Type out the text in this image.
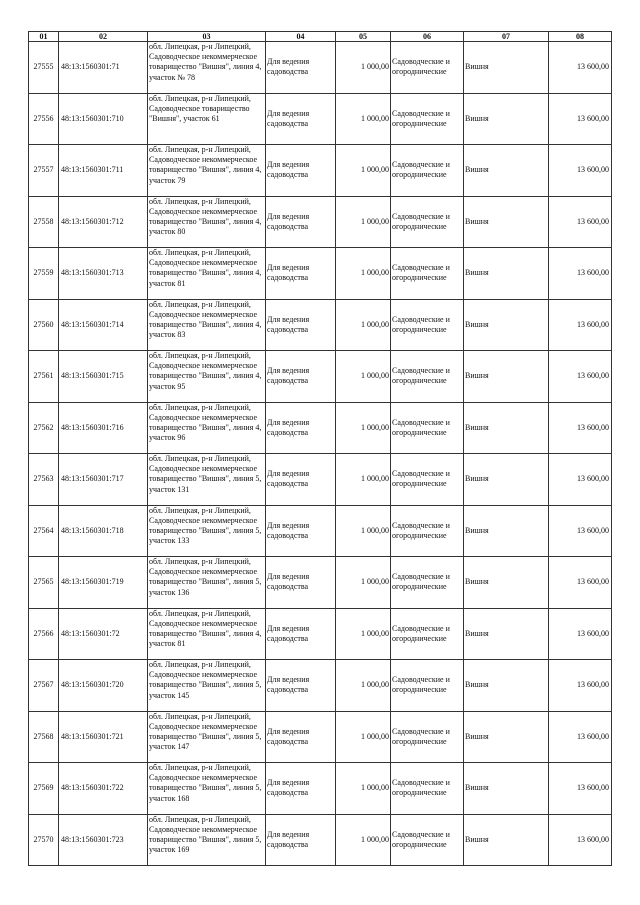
01	02	03	04	05	06	07	08
27555	48:13:1560301:71	обл. Липецкая, р-н Липецкий, Садоводческое некоммерческое товарищество "Вишня", линия 4, участок № 78	Для ведения садоводства	1 000,00	Садоводческие и огороднические	Вишня	13 600,00
27556	48:13:1560301:710	обл. Липецкая, р-н Липецкий, Садоводческое товарищество "Вишня", участок 61	Для ведения садоводства	1 000,00	Садоводческие и огороднические	Вишня	13 600,00
27557	48:13:1560301:711	обл. Липецкая, р-н Липецкий, Садоводческое некоммерческое товарищество "Вишня", линия 4, участок 79	Для ведения садоводства	1 000,00	Садоводческие и огороднические	Вишня	13 600,00
27558	48:13:1560301:712	обл. Липецкая, р-н Липецкий, Садоводческое некоммерческое товарищество "Вишня", линия 4, участок 80	Для ведения садоводства	1 000,00	Садоводческие и огороднические	Вишня	13 600,00
27559	48:13:1560301:713	обл. Липецкая, р-н Липецкий, Садоводческое некоммерческое товарищество "Вишня", линия 4, участок 81	Для ведения садоводства	1 000,00	Садоводческие и огороднические	Вишня	13 600,00
27560	48:13:1560301:714	обл. Липецкая, р-н Липецкий, Садоводческое некоммерческое товарищество "Вишня", линия 4, участок 83	Для ведения садоводства	1 000,00	Садоводческие и огороднические	Вишня	13 600,00
27561	48:13:1560301:715	обл. Липецкая, р-н Липецкий, Садоводческое некоммерческое товарищество "Вишня", линия 4, участок 95	Для ведения садоводства	1 000,00	Садоводческие и огороднические	Вишня	13 600,00
27562	48:13:1560301:716	обл. Липецкая, р-н Липецкий, Садоводческое некоммерческое товарищество "Вишня", линия 4, участок 96	Для ведения садоводства	1 000,00	Садоводческие и огороднические	Вишня	13 600,00
27563	48:13:1560301:717	обл. Липецкая, р-н Липецкий, Садоводческое некоммерческое товарищество "Вишня", линия 5, участок 131	Для ведения садоводства	1 000,00	Садоводческие и огороднические	Вишня	13 600,00
27564	48:13:1560301:718	обл. Липецкая, р-н Липецкий, Садоводческое некоммерческое товарищество "Вишня", линия 5, участок 133	Для ведения садоводства	1 000,00	Садоводческие и огороднические	Вишня	13 600,00
27565	48:13:1560301:719	обл. Липецкая, р-н Липецкий, Садоводческое некоммерческое товарищество "Вишня", линия 5, участок 136	Для ведения садоводства	1 000,00	Садоводческие и огороднические	Вишня	13 600,00
27566	48:13:1560301:72	обл. Липецкая, р-н Липецкий, Садоводческое некоммерческое товарищество "Вишня", линия 4, участок 81	Для ведения садоводства	1 000,00	Садоводческие и огороднические	Вишня	13 600,00
27567	48:13:1560301:720	обл. Липецкая, р-н Липецкий, Садоводческое некоммерческое товарищество "Вишня", линия 5, участок 145	Для ведения садоводства	1 000,00	Садоводческие и огороднические	Вишня	13 600,00
27568	48:13:1560301:721	обл. Липецкая, р-н Липецкий, Садоводческое некоммерческое товарищество "Вишня", линия 5, участок 147	Для ведения садоводства	1 000,00	Садоводческие и огороднические	Вишня	13 600,00
27569	48:13:1560301:722	обл. Липецкая, р-н Липецкий, Садоводческое некоммерческое товарищество "Вишня", линия 5, участок 168	Для ведения садоводства	1 000,00	Садоводческие и огороднические	Вишня	13 600,00
27570	48:13:1560301:723	обл. Липецкая, р-н Липецкий, Садоводческое некоммерческое товарищество "Вишня", линия 5, участок 169	Для ведения садоводства	1 000,00	Садоводческие и огороднические	Вишня	13 600,00
